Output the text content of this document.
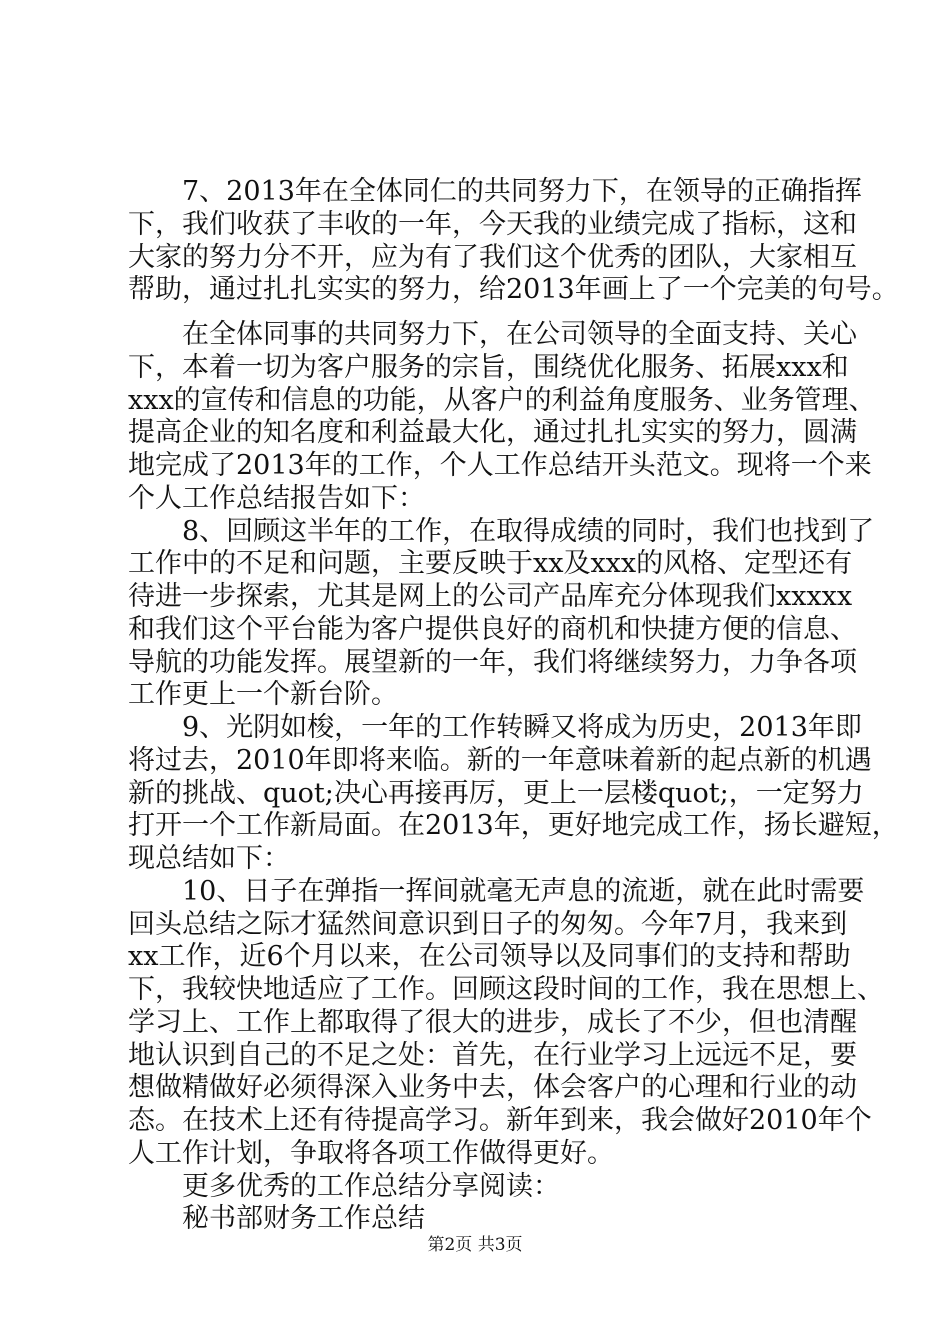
　　7、2013年在全体同仁的共同努力下，在领导的正确指挥
下，我们收获了丰收的一年，今天我的业绩完成了指标，这和
大家的努力分不开，应为有了我们这个优秀的团队，大家相互
帮助，通过扎扎实实的努力，给2013年画上了一个完美的句号。
　　在全体同事的共同努力下，在公司领导的全面支持、关心
下，本着一切为客户服务的宗旨，围绕优化服务、拓展xxx和
xxx的宣传和信息的功能，从客户的利益角度服务、业务管理、
提高企业的知名度和利益最大化，通过扎扎实实的努力，圆满
地完成了2013年的工作，个人工作总结开头范文。现将一个来
个人工作总结报告如下：
　　8、回顾这半年的工作，在取得成绩的同时，我们也找到了
工作中的不足和问题，主要反映于xx及xxx的风格、定型还有
待进一步探索，尤其是网上的公司产品库充分体现我们xxxxx
和我们这个平台能为客户提供良好的商机和快捷方便的信息、
导航的功能发挥。展望新的一年，我们将继续努力，力争各项
工作更上一个新台阶。
　　9、光阴如梭，一年的工作转瞬又将成为历史，2013年即
将过去，2010年即将来临。新的一年意味着新的起点新的机遇
新的挑战、quot;决心再接再厉，更上一层楼quot;，一定努力
打开一个工作新局面。在2013年，更好地完成工作，扬长避短，
现总结如下：
　　10、日子在弹指一挥间就毫无声息的流逝，就在此时需要
回头总结之际才猛然间意识到日子的匆匆。今年7月，我来到
xx工作，近6个月以来，在公司领导以及同事们的支持和帮助
下，我较快地适应了工作。回顾这段时间的工作，我在思想上、
学习上、工作上都取得了很大的进步，成长了不少，但也清醒
地认识到自己的不足之处：首先，在行业学习上远远不足，要
想做精做好必须得深入业务中去，体会客户的心理和行业的动
态。在技术上还有待提高学习。新年到来，我会做好2010年个
人工作计划，争取将各项工作做得更好。
　　更多优秀的工作总结分享阅读：
　　秘书部财务工作总结
第2页 共3页
